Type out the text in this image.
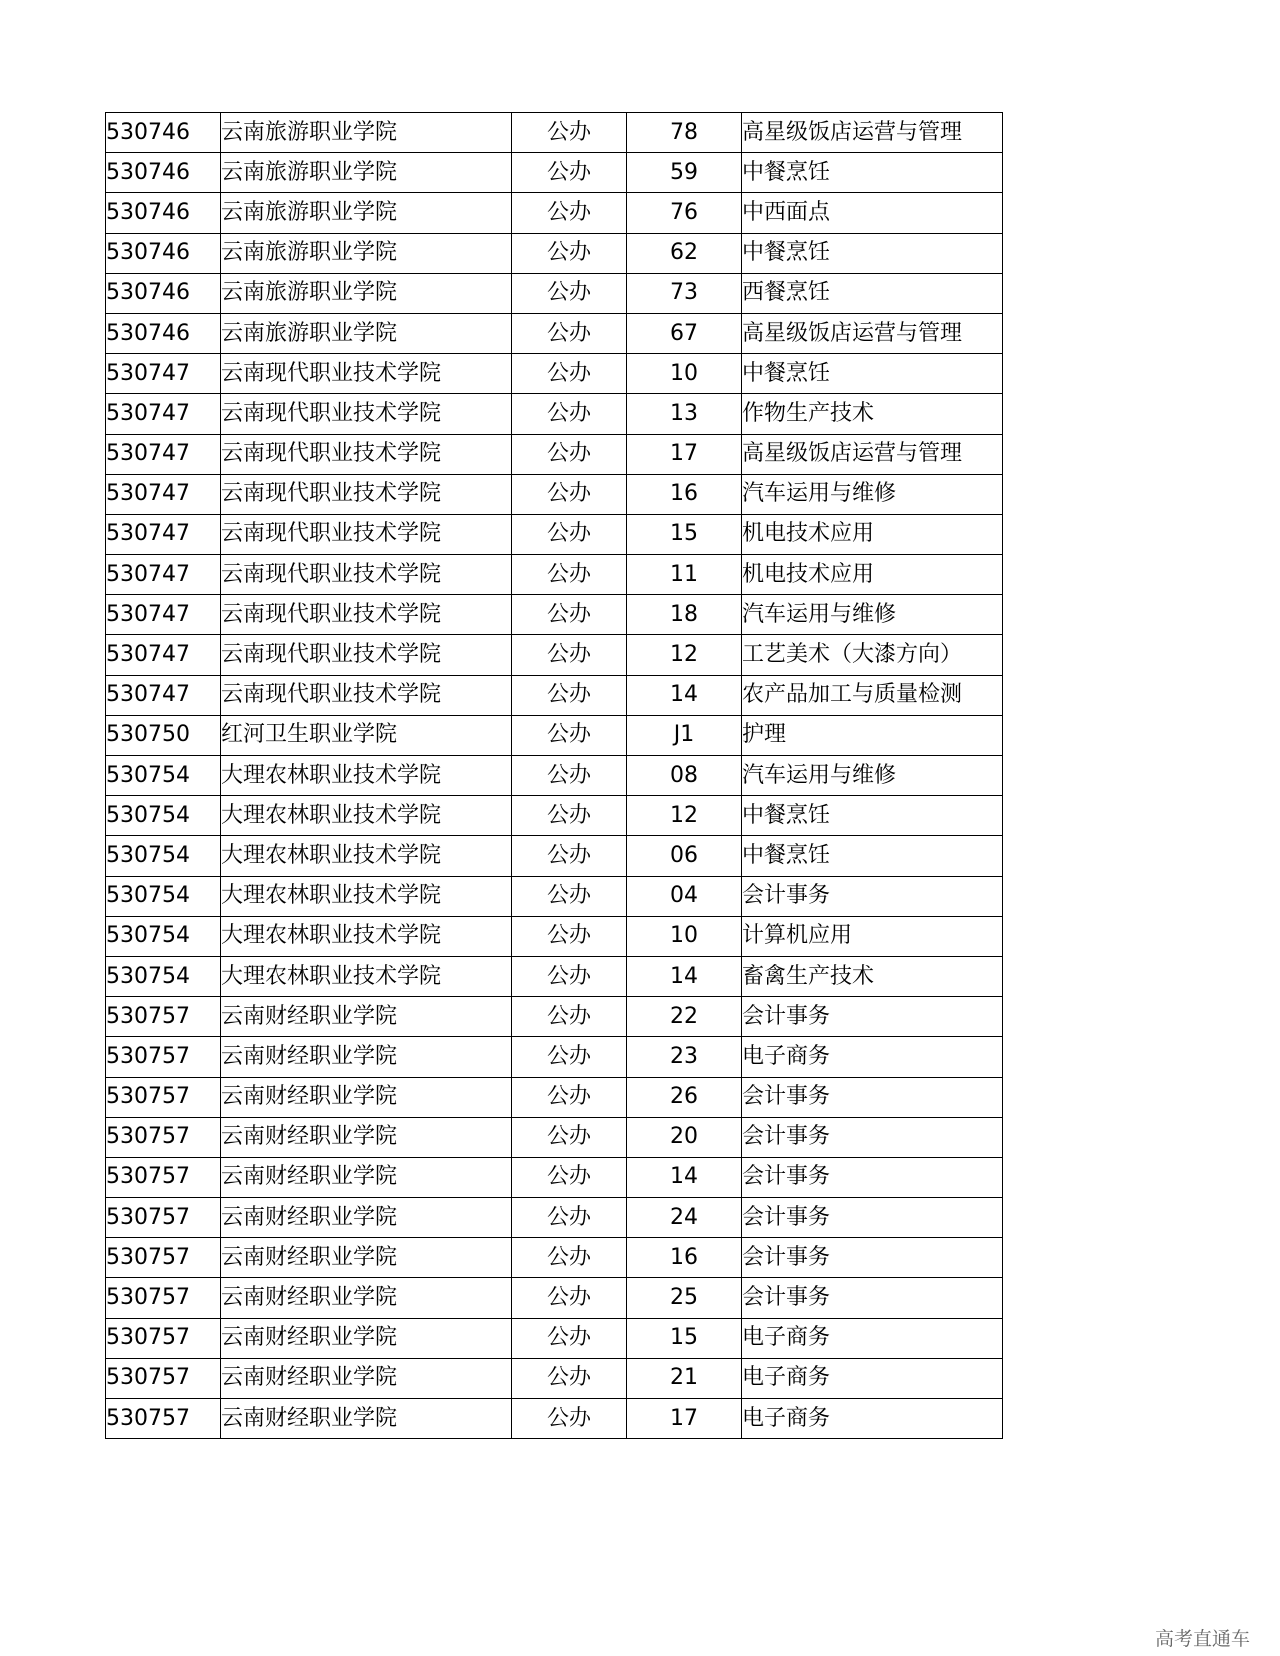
530746	云南旅游职业学院	公办	78	高星级饭店运营与管理
530746	云南旅游职业学院	公办	59	中餐烹饪
530746	云南旅游职业学院	公办	76	中西面点
530746	云南旅游职业学院	公办	62	中餐烹饪
530746	云南旅游职业学院	公办	73	西餐烹饪
530746	云南旅游职业学院	公办	67	高星级饭店运营与管理
530747	云南现代职业技术学院	公办	10	中餐烹饪
530747	云南现代职业技术学院	公办	13	作物生产技术
530747	云南现代职业技术学院	公办	17	高星级饭店运营与管理
530747	云南现代职业技术学院	公办	16	汽车运用与维修
530747	云南现代职业技术学院	公办	15	机电技术应用
530747	云南现代职业技术学院	公办	11	机电技术应用
530747	云南现代职业技术学院	公办	18	汽车运用与维修
530747	云南现代职业技术学院	公办	12	工艺美术（大漆方向）
530747	云南现代职业技术学院	公办	14	农产品加工与质量检测
530750	红河卫生职业学院	公办	J1	护理
530754	大理农林职业技术学院	公办	08	汽车运用与维修
530754	大理农林职业技术学院	公办	12	中餐烹饪
530754	大理农林职业技术学院	公办	06	中餐烹饪
530754	大理农林职业技术学院	公办	04	会计事务
530754	大理农林职业技术学院	公办	10	计算机应用
530754	大理农林职业技术学院	公办	14	畜禽生产技术
530757	云南财经职业学院	公办	22	会计事务
530757	云南财经职业学院	公办	23	电子商务
530757	云南财经职业学院	公办	26	会计事务
530757	云南财经职业学院	公办	20	会计事务
530757	云南财经职业学院	公办	14	会计事务
530757	云南财经职业学院	公办	24	会计事务
530757	云南财经职业学院	公办	16	会计事务
530757	云南财经职业学院	公办	25	会计事务
530757	云南财经职业学院	公办	15	电子商务
530757	云南财经职业学院	公办	21	电子商务
530757	云南财经职业学院	公办	17	电子商务
高考直通车
